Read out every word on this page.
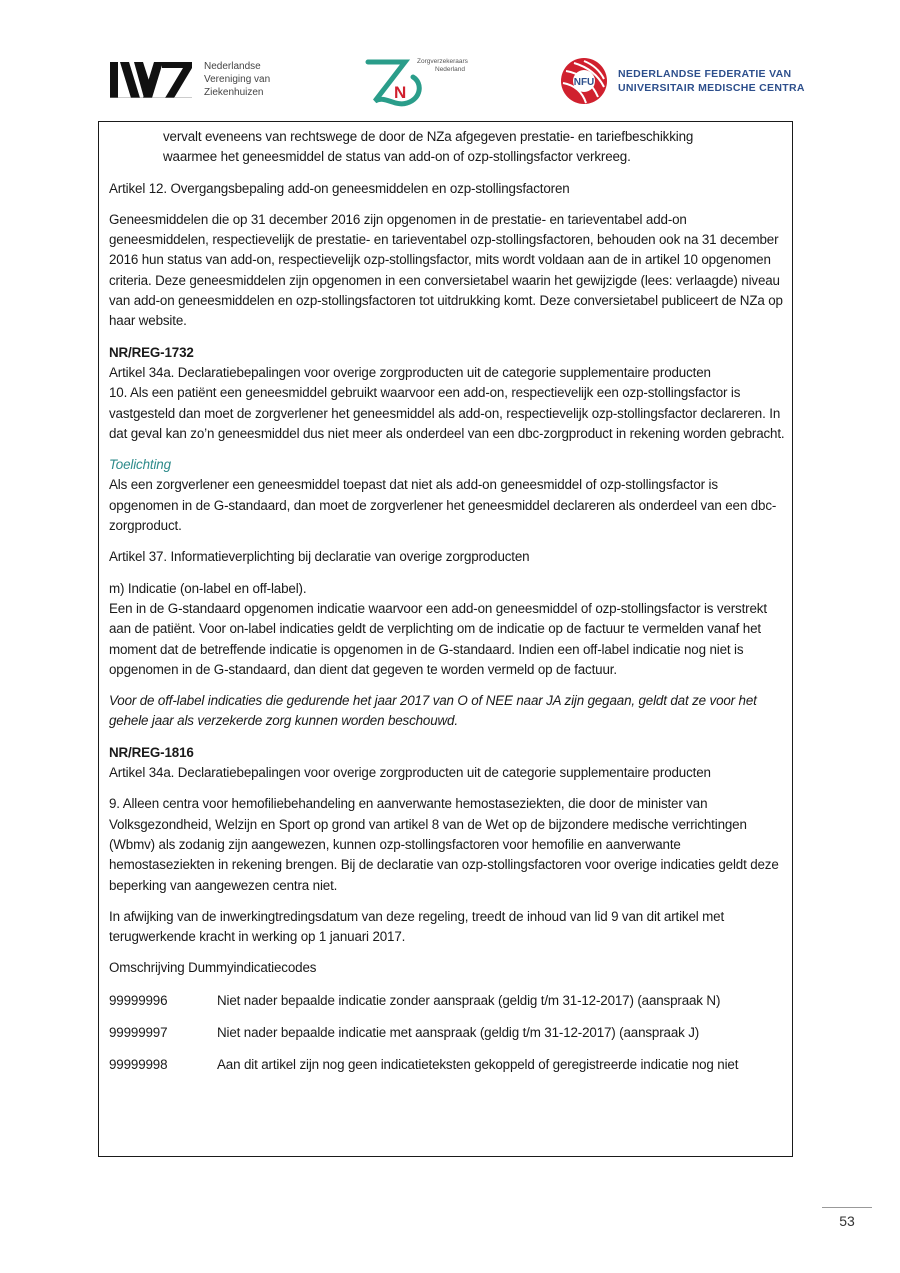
Nederlandse
Vereniging van
Ziekenhuizen	N
Zorgverzekeraars
Nederland
NFU
NEDERLANDSE FEDERATIE VAN
UNIVERSITAIR MEDISCHE CENTRA

vervalt eveneens van rechtswege de door de NZa afgegeven prestatie- en tariefbeschikking

waarmee het geneesmiddel de status van add-on of ozp-stollingsfactor verkreeg.

Artikel 12. Overgangsbepaling add-on geneesmiddelen en ozp-stollingsfactoren

Geneesmiddelen die op 31 december 2016 zijn opgenomen in de prestatie- en tarieventabel add-on geneesmiddelen, respectievelijk de prestatie- en tarieventabel ozp-stollingsfactoren, behouden ook na 31 december 2016 hun status van add-on, respectievelijk ozp-stollingsfactor, mits wordt voldaan aan de in artikel 10 opgenomen criteria. Deze geneesmiddelen zijn opgenomen in een conversietabel waarin het gewijzigde (lees: verlaagde) niveau van add-on geneesmiddelen en ozp-stollingsfactoren tot uitdrukking komt. Deze conversietabel publiceert de NZa op haar website.

NR/REG-1732

Artikel 34a. Declaratiebepalingen voor overige zorgproducten uit de categorie supplementaire producten

10. Als een patiënt een geneesmiddel gebruikt waarvoor een add-on, respectievelijk een ozp-stollingsfactor is vastgesteld dan moet de zorgverlener het geneesmiddel als add-on, respectievelijk ozp-stollingsfactor declareren. In dat geval kan zo’n geneesmiddel dus niet meer als onderdeel van een dbc-zorgproduct in rekening worden gebracht.

Toelichting

Als een zorgverlener een geneesmiddel toepast dat niet als add-on geneesmiddel of ozp-stollingsfactor is opgenomen in de G-standaard, dan moet de zorgverlener het geneesmiddel declareren als onderdeel van een dbc-zorgproduct.

Artikel 37. Informatieverplichting bij declaratie van overige zorgproducten

m) Indicatie (on-label en off-label).

Een in de G-standaard opgenomen indicatie waarvoor een add-on geneesmiddel of ozp-stollingsfactor is verstrekt aan de patiënt. Voor on-label indicaties geldt de verplichting om de indicatie op de factuur te vermelden vanaf het moment dat de betreffende indicatie is opgenomen in de G-standaard. Indien een off-label indicatie nog niet is opgenomen in de G-standaard, dan dient dat gegeven te worden vermeld op de factuur.

Voor de off-label indicaties die gedurende het jaar 2017 van O of NEE naar JA zijn gegaan, geldt dat ze voor het gehele jaar als verzekerde zorg kunnen worden beschouwd.

NR/REG-1816

Artikel 34a. Declaratiebepalingen voor overige zorgproducten uit de categorie supplementaire producten

9. Alleen centra voor hemofiliebehandeling en aanverwante hemostaseziekten, die door de minister van Volksgezondheid, Welzijn en Sport op grond van artikel 8 van de Wet op de bijzondere medische verrichtingen (Wbmv) als zodanig zijn aangewezen, kunnen ozp-stollingsfactoren voor hemofilie en aanverwante hemostaseziekten in rekening brengen. Bij de declaratie van ozp-stollingsfactoren voor overige indicaties geldt deze beperking van aangewezen centra niet.

In afwijking van de inwerkingtredingsdatum van deze regeling, treedt de inhoud van lid 9 van dit artikel met terugwerkende kracht in werking op 1 januari 2017.

Omschrijving Dummyindicatiecodes

99999996	Niet nader bepaalde indicatie zonder aanspraak (geldig t/m 31-12-2017) (aanspraak N)
99999997	Niet nader bepaalde indicatie met aanspraak (geldig t/m 31-12-2017) (aanspraak J)
99999998	Aan dit artikel zijn nog geen indicatieteksten gekoppeld of geregistreerde indicatie nog niet
53
